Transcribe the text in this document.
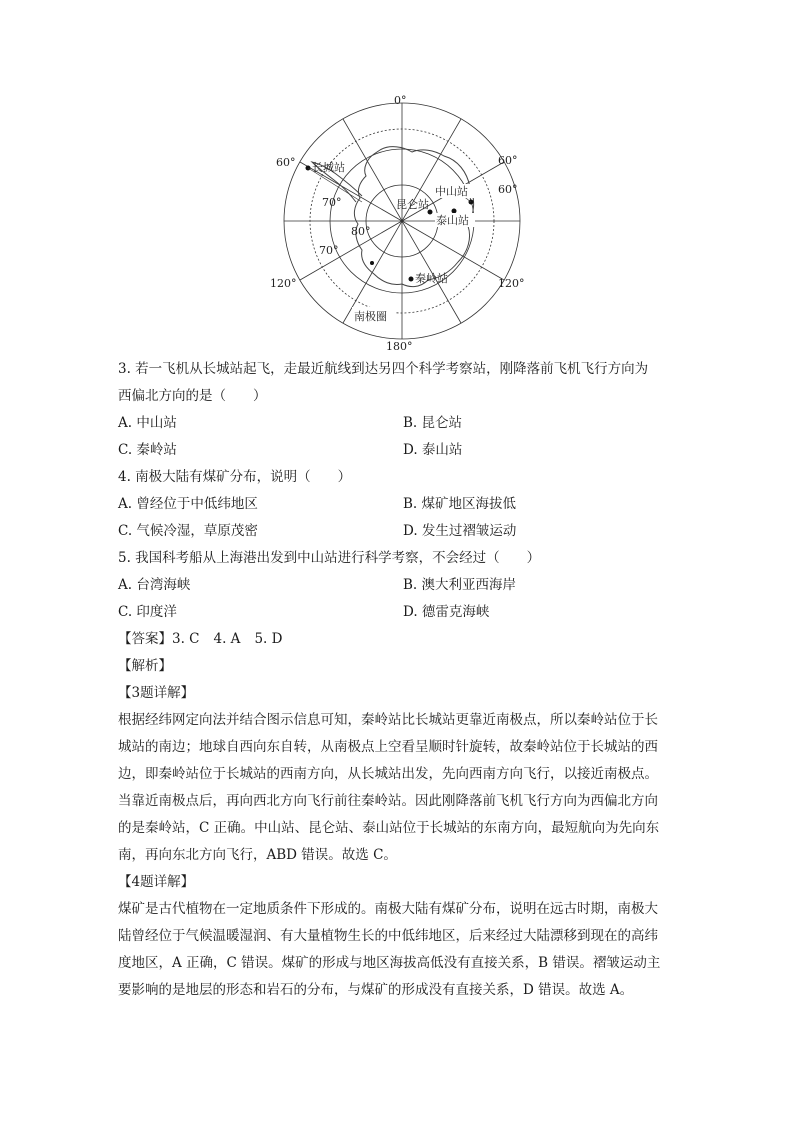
0°
180°
60°	60°
60°
120°	120°
70°
80°
70°
南极圈
长城站
中山站
昆仑站
泰山站
秦岭站
3. 若一飞机从长城站起飞，走最近航线到达另四个科学考察站，刚降落前飞机飞行方向为
西偏北方向的是（　　）
A. 中山站	B. 昆仑站
C. 秦岭站	D. 泰山站
4. 南极大陆有煤矿分布，说明（　　）
A. 曾经位于中低纬地区	B. 煤矿地区海拔低
C. 气候冷湿，草原茂密	D. 发生过褶皱运动
5. 我国科考船从上海港出发到中山站进行科学考察，不会经过（　　）
A. 台湾海峡	B. 澳大利亚西海岸
C. 印度洋	D. 德雷克海峡
【答案】3. C 4. A 5. D
【解析】
【3题详解】
根据经纬网定向法并结合图示信息可知，秦岭站比长城站更靠近南极点，所以秦岭站位于长
城站的南边；地球自西向东自转，从南极点上空看呈顺时针旋转，故秦岭站位于长城站的西
边，即秦岭站位于长城站的西南方向，从长城站出发，先向西南方向飞行，以接近南极点。
当靠近南极点后，再向西北方向飞行前往秦岭站。因此刚降落前飞机飞行方向为西偏北方向
的是秦岭站，C 正确。中山站、昆仑站、泰山站位于长城站的东南方向，最短航向为先向东
南，再向东北方向飞行，ABD 错误。故选 C。
【4题详解】
煤矿是古代植物在一定地质条件下形成的。南极大陆有煤矿分布，说明在远古时期，南极大
陆曾经位于气候温暖湿润、有大量植物生长的中低纬地区，后来经过大陆漂移到现在的高纬
度地区，A 正确，C 错误。煤矿的形成与地区海拔高低没有直接关系，B 错误。褶皱运动主
要影响的是地层的形态和岩石的分布，与煤矿的形成没有直接关系，D 错误。故选 A。
